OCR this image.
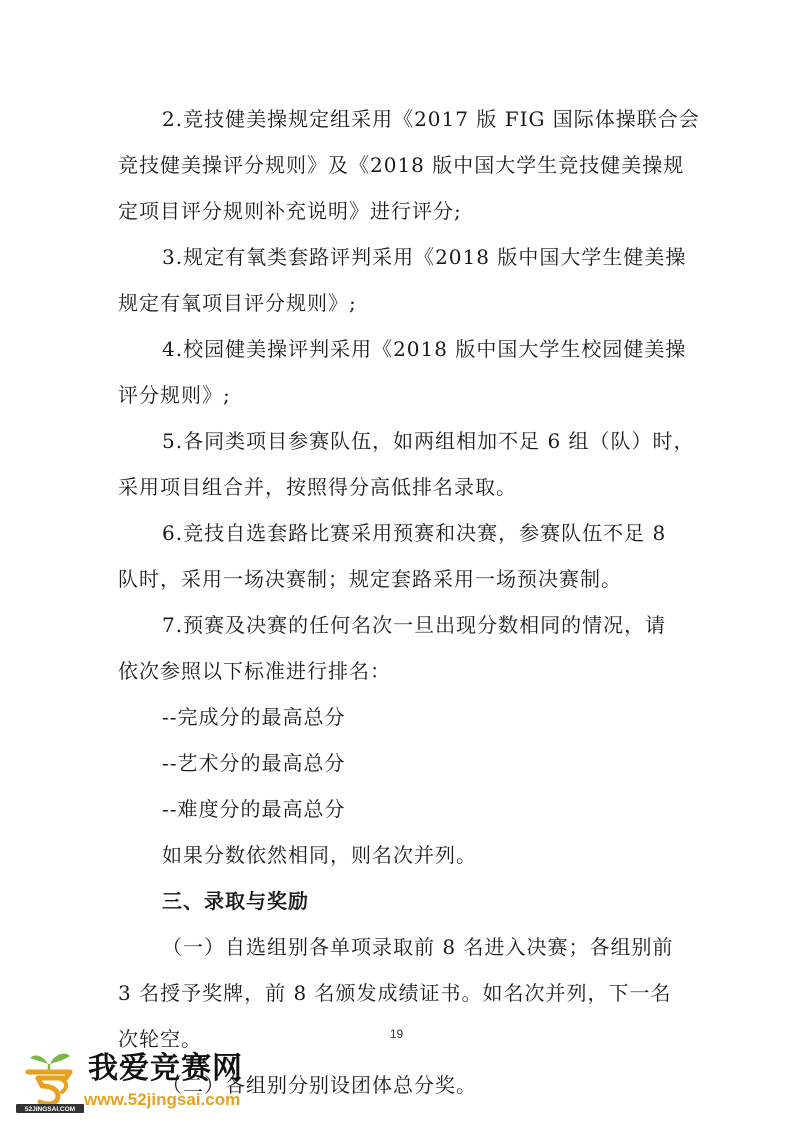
2.竞技健美操规定组采用《2017 版 FIG 国际体操联合会
竞技健美操评分规则》及《2018 版中国大学生竞技健美操规
定项目评分规则补充说明》进行评分;
3.规定有氧类套路评判采用《2018 版中国大学生健美操
规定有氧项目评分规则》;
4.校园健美操评判采用《2018 版中国大学生校园健美操
评分规则》;
5.各同类项目参赛队伍，如两组相加不足 6 组（队）时，
采用项目组合并，按照得分高低排名录取。
6.竞技自选套路比赛采用预赛和决赛，参赛队伍不足 8
队时，采用一场决赛制；规定套路采用一场预决赛制。
7.预赛及决赛的任何名次一旦出现分数相同的情况，请
依次参照以下标准进行排名：
--完成分的最高总分
--艺术分的最高总分
--难度分的最高总分
如果分数依然相同，则名次并列。
三、录取与奖励
（一）自选组别各单项录取前 8 名进入决赛；各组别前
3 名授予奖牌，前 8 名颁发成绩证书。如名次并列，下一名
次轮空。
（二）各组别分别设团体总分奖。
19
52JINGSAI.COM
我爱竞赛网
www.52jingsai.com
